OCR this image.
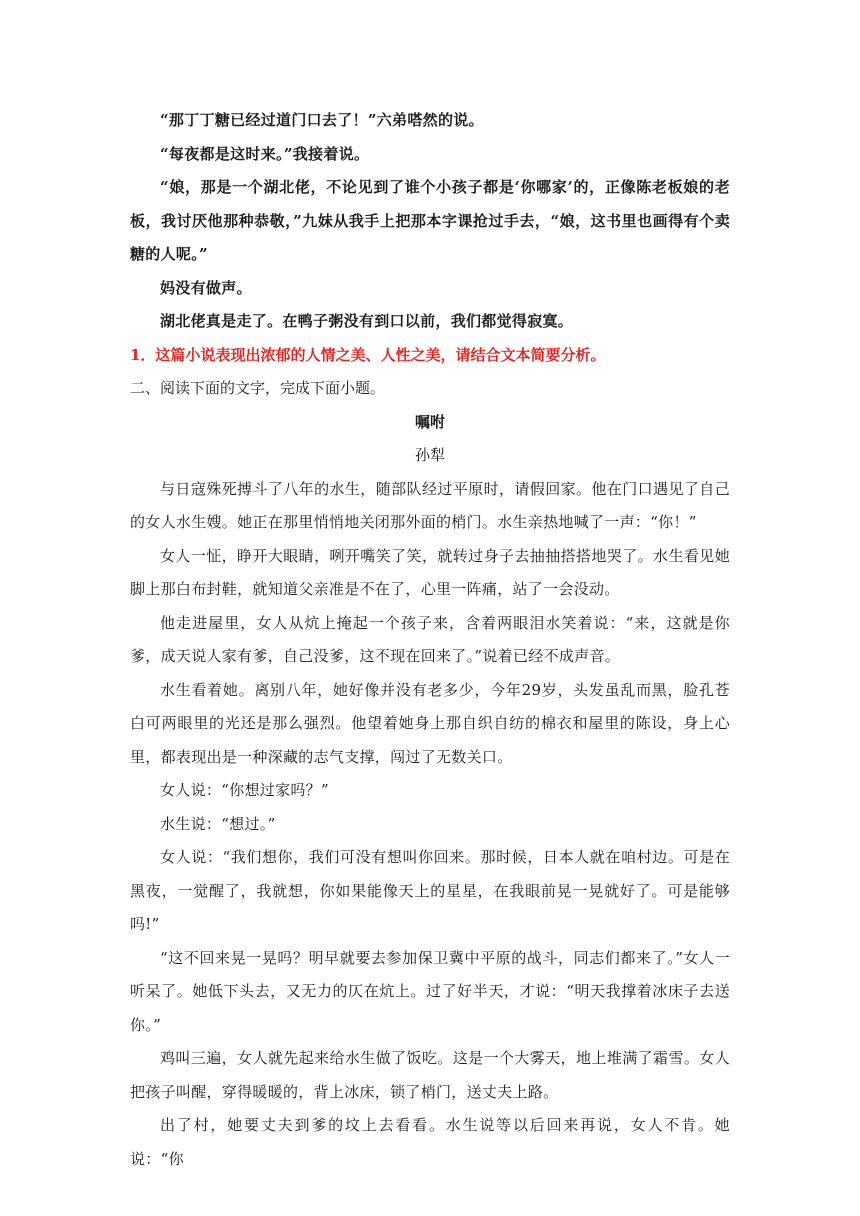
“那丁丁糖已经过道门口去了！”六弟嗒然的说。

“每夜都是这时来。”我接着说。

“娘，那是一个湖北佬，不论见到了谁个小孩子都是‘你哪家’的，正像陈老板娘的老板，我讨厌他那种恭敬，”九妹从我手上把那本字课抢过手去，“娘，这书里也画得有个卖糖的人呢。”

妈没有做声。

湖北佬真是走了。在鸭子粥没有到口以前，我们都觉得寂寞。

1．这篇小说表现出浓郁的人情之美、人性之美，请结合文本简要分析。

二、阅读下面的文字，完成下面小题。

嘱咐

孙犁

与日寇殊死搏斗了八年的水生，随部队经过平原时，请假回家。他在门口遇见了自己的女人水生嫂。她正在那里悄悄地关闭那外面的梢门。水生亲热地喊了一声：“你！”

女人一怔，睁开大眼睛，咧开嘴笑了笑，就转过身子去抽抽搭搭地哭了。水生看见她脚上那白布封鞋，就知道父亲准是不在了，心里一阵痛，站了一会没动。

他走进屋里，女人从炕上掩起一个孩子来，含着两眼泪水笑着说：“来，这就是你爹，成天说人家有爹，自己没爹，这不现在回来了。”说着已经不成声音。

水生看着她。离别八年，她好像并没有老多少，今年29岁，头发虽乱而黑，脸孔苍白可两眼里的光还是那么强烈。他望着她身上那自织自纺的棉衣和屋里的陈设，身上心里，都表现出是一种深藏的志气支撑，闯过了无数关口。

女人说：“你想过家吗？”

水生说：“想过。”

女人说：“我们想你，我们可没有想叫你回来。那时候，日本人就在咱村边。可是在黑夜，一觉醒了，我就想，你如果能像天上的星星，在我眼前晃一晃就好了。可是能够吗!”

“这不回来晃一晃吗？明早就要去参加保卫冀中平原的战斗，同志们都来了。”女人一听呆了。她低下头去，又无力的仄在炕上。过了好半天，才说：“明天我撑着冰床子去送你。”

鸡叫三遍，女人就先起来给水生做了饭吃。这是一个大雾天，地上堆满了霜雪。女人把孩子叫醒，穿得暖暖的，背上冰床，锁了梢门，送丈夫上路。

出了村，她要丈夫到爹的坟上去看看。水生说等以后回来再说，女人不肯。她说：“你
